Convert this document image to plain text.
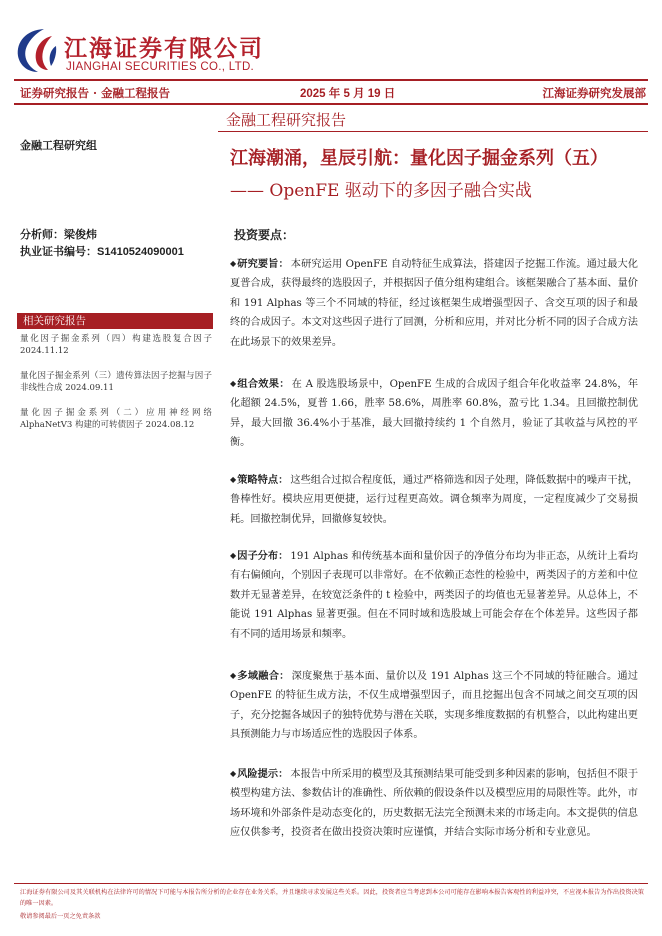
江海证券有限公司
JIANGHAI SECURITIES CO., LTD.
证券研究报告 · 金融工程报告	2025 年 5 月 19 日	江海证券研究发展部
金融工程研究报告
江海潮涌，星辰引航：量化因子掘金系列（五）
—— OpenFE 驱动下的多因子融合实战
金融工程研究组
分析师：梁俊炜
执业证书编号：S1410524090001
相关研究报告
量化因子掘金系列（四）构建选股复合因子 2024.11.12
量化因子掘金系列（三）遗传算法因子挖掘与因子非线性合成 2024.09.11
量化因子掘金系列（二）应用神经网络 AlphaNetV3 构建的可转债因子 2024.08.12
投资要点：
◆研究要旨： 本研究运用 OpenFE 自动特征生成算法，搭建因子挖掘工作流。通过最大化夏普合成，获得最终的选股因子，并根据因子值分组构建组合。该框架融合了基本面、量价和 191 Alphas 等三个不同域的特征，经过该框架生成增强型因子、含交互项的因子和最终的合成因子。本文对这些因子进行了回测，分析和应用，并对比分析不同的因子合成方法在此场景下的效果差异。
◆组合效果： 在 A 股选股场景中，OpenFE 生成的合成因子组合年化收益率 24.8%，年化超额 24.5%，夏普 1.66，胜率 58.6%，周胜率 60.8%，盈亏比 1.34。且回撤控制优异，最大回撤 36.4%小于基准，最大回撤持续约 1 个自然月，验证了其收益与风控的平衡。
◆策略特点： 这些组合过拟合程度低，通过严格筛选和因子处理，降低数据中的噪声干扰，鲁棒性好。模块应用更便捷，运行过程更高效。调仓频率为周度，一定程度减少了交易损耗。回撤控制优异，回撤修复较快。
◆因子分布： 191 Alphas 和传统基本面和量价因子的净值分布均为非正态，从统计上看均有右偏倾向，个别因子表现可以非常好。在不依赖正态性的检验中，两类因子的方差和中位数并无显著差异，在较宽泛条件的 t 检验中，两类因子的均值也无显著差异。从总体上，不能说 191 Alphas 显著更强。但在不同时域和选股域上可能会存在个体差异。这些因子都有不同的适用场景和频率。
◆多域融合： 深度聚焦于基本面、量价以及 191 Alphas 这三个不同域的特征融合。通过 OpenFE 的特征生成方法，不仅生成增强型因子，而且挖掘出包含不同域之间交互项的因子，充分挖掘各域因子的独特优势与潜在关联，实现多维度数据的有机整合，以此构建出更具预测能力与市场适应性的选股因子体系。
◆风险提示： 本报告中所采用的模型及其预测结果可能受到多种因素的影响，包括但不限于模型构建方法、参数估计的准确性、所依赖的假设条件以及模型应用的局限性等。此外，市场环境和外部条件是动态变化的，历史数据无法完全预测未来的市场走向。本文提供的信息应仅供参考，投资者在做出投资决策时应谨慎，并结合实际市场分析和专业意见。
江海证券有限公司及其关联机构在法律许可的情况下可能与本报告所分析的企业存在业务关系，并且继续寻求发展这些关系。因此，投资者应当考虑到本公司可能存在影响本报告客观性的利益冲突，不应视本报告为作出投资决策的唯一因素。
敬请参阅最后一页之免责条款
